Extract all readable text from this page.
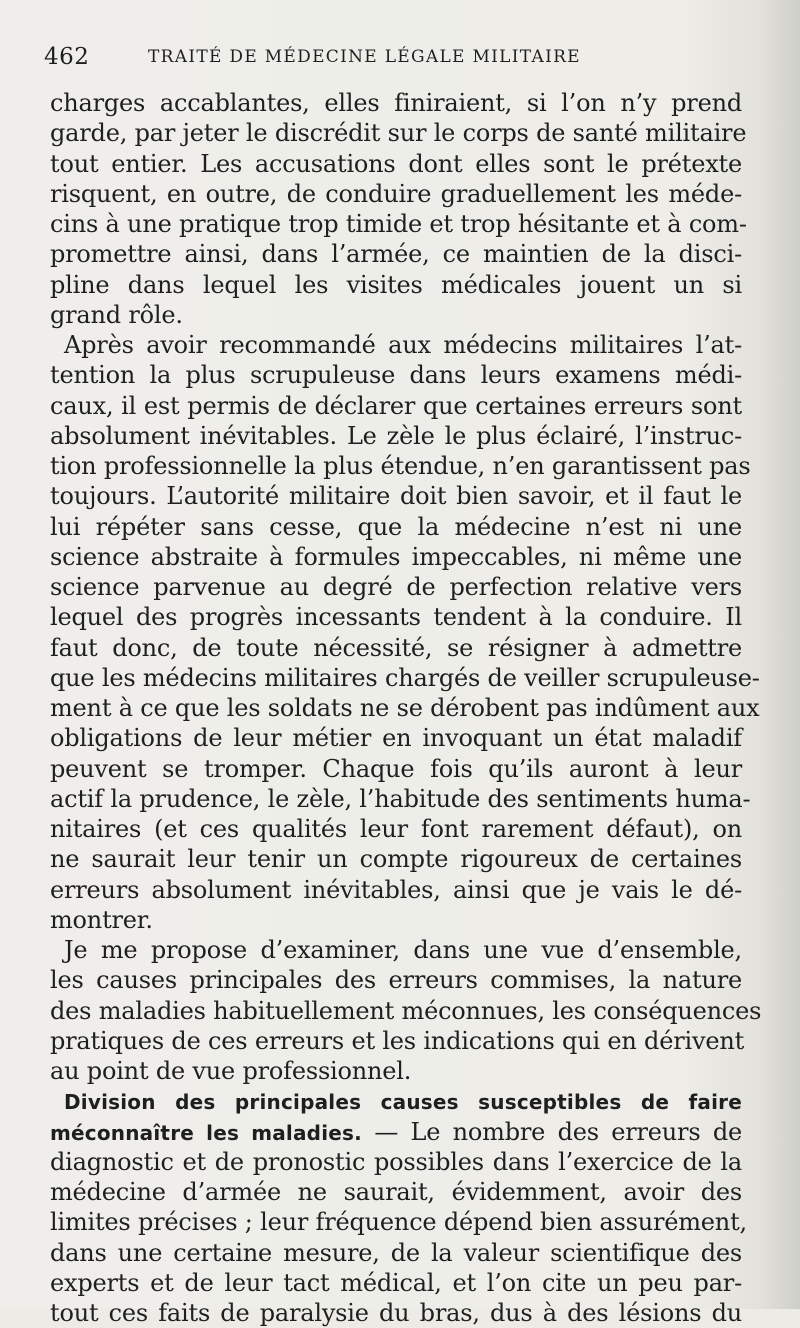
462	TRAITÉ DE MÉDECINE LÉGALE MILITAIRE
charges accablantes, elles finiraient, si l’on n’y prend
garde, par jeter le discrédit sur le corps de santé militaire
tout entier. Les accusations dont elles sont le prétexte
risquent, en outre, de conduire graduellement les méde-
cins à une pratique trop timide et trop hésitante et à com-
promettre ainsi, dans l’armée, ce maintien de la disci-
pline dans lequel les visites médicales jouent un si
grand rôle.
Après avoir recommandé aux médecins militaires l’at-
tention la plus scrupuleuse dans leurs examens médi-
caux, il est permis de déclarer que certaines erreurs sont
absolument inévitables. Le zèle le plus éclairé, l’instruc-
tion professionnelle la plus étendue, n’en garantissent pas
toujours. L’autorité militaire doit bien savoir, et il faut le
lui répéter sans cesse, que la médecine n’est ni une
science abstraite à formules impeccables, ni même une
science parvenue au degré de perfection relative vers
lequel des progrès incessants tendent à la conduire. Il
faut donc, de toute nécessité, se résigner à admettre
que les médecins militaires chargés de veiller scrupuleuse-
ment à ce que les soldats ne se dérobent pas indûment aux
obligations de leur métier en invoquant un état maladif
peuvent se tromper. Chaque fois qu’ils auront à leur
actif la prudence, le zèle, l’habitude des sentiments huma-
nitaires (et ces qualités leur font rarement défaut), on
ne saurait leur tenir un compte rigoureux de certaines
erreurs absolument inévitables, ainsi que je vais le dé-
montrer.
Je me propose d’examiner, dans une vue d’ensemble,
les causes principales des erreurs commises, la nature
des maladies habituellement méconnues, les conséquences
pratiques de ces erreurs et les indications qui en dérivent
au point de vue professionnel.
Division des principales causes susceptibles de faire
méconnaître les maladies. — Le nombre des erreurs de
diagnostic et de pronostic possibles dans l’exercice de la
médecine d’armée ne saurait, évidemment, avoir des
limites précises ; leur fréquence dépend bien assurément,
dans une certaine mesure, de la valeur scientifique des
experts et de leur tact médical, et l’on cite un peu par-
tout ces faits de paralysie du bras, dus à des lésions du
